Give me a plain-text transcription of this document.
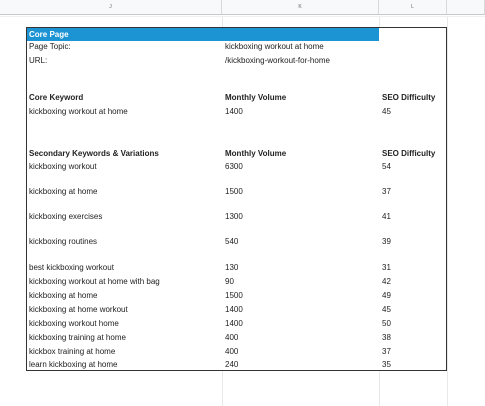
J	K	L
Core Page
Page Topic:	kickboxing workout at home
URL:	/kickboxing-workout-for-home
Core Keyword	Monthly Volume	SEO Difficulty
kickboxing workout at home	1400	45
Secondary Keywords & Variations	Monthly Volume	SEO Difficulty
kickboxing workout	6300	54
kickboxing at home	1500	37
kickboxing exercises	1300	41
kickboxing routines	540	39
best kickboxing workout	130	31
kickboxing workout at home with bag	90	42
kickboxing at home	1500	49
kickboxing at home workout	1400	45
kickboxing workout home	1400	50
kickboxing training at home	400	38
kickbox training at home	400	37
learn kickboxing at home	240	35
